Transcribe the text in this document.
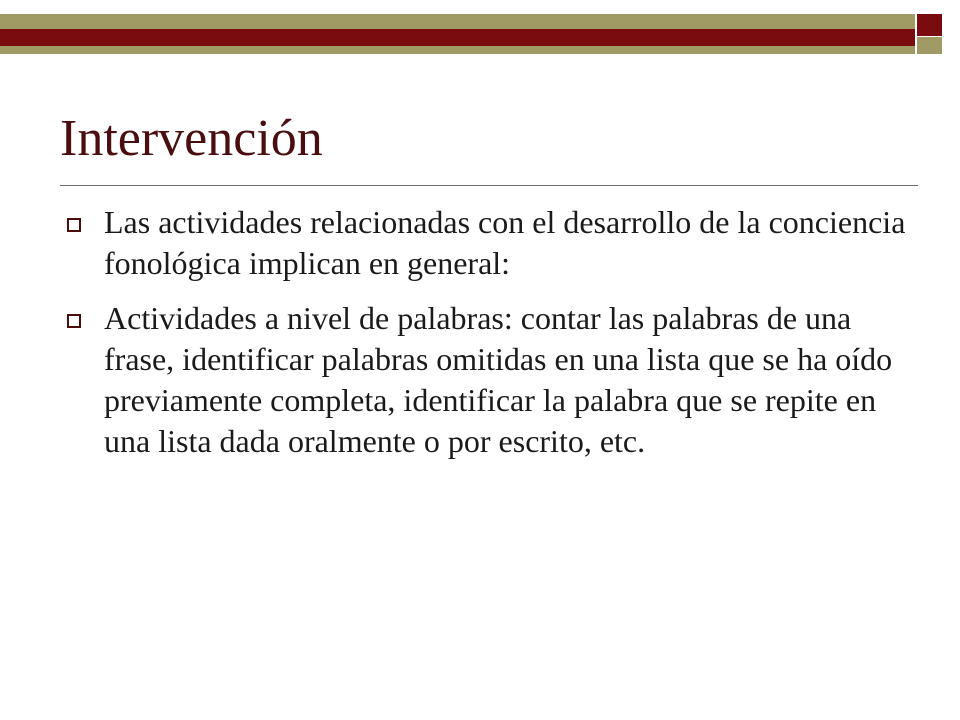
Intervención
Las actividades relacionadas con el desarrollo de la conciencia fonológica implican en general:
Actividades a nivel de palabras: contar las palabras de una frase, identificar palabras omitidas en una lista que se ha oído previamente completa, identificar la palabra que se repite en una lista dada oralmente o por escrito, etc.
